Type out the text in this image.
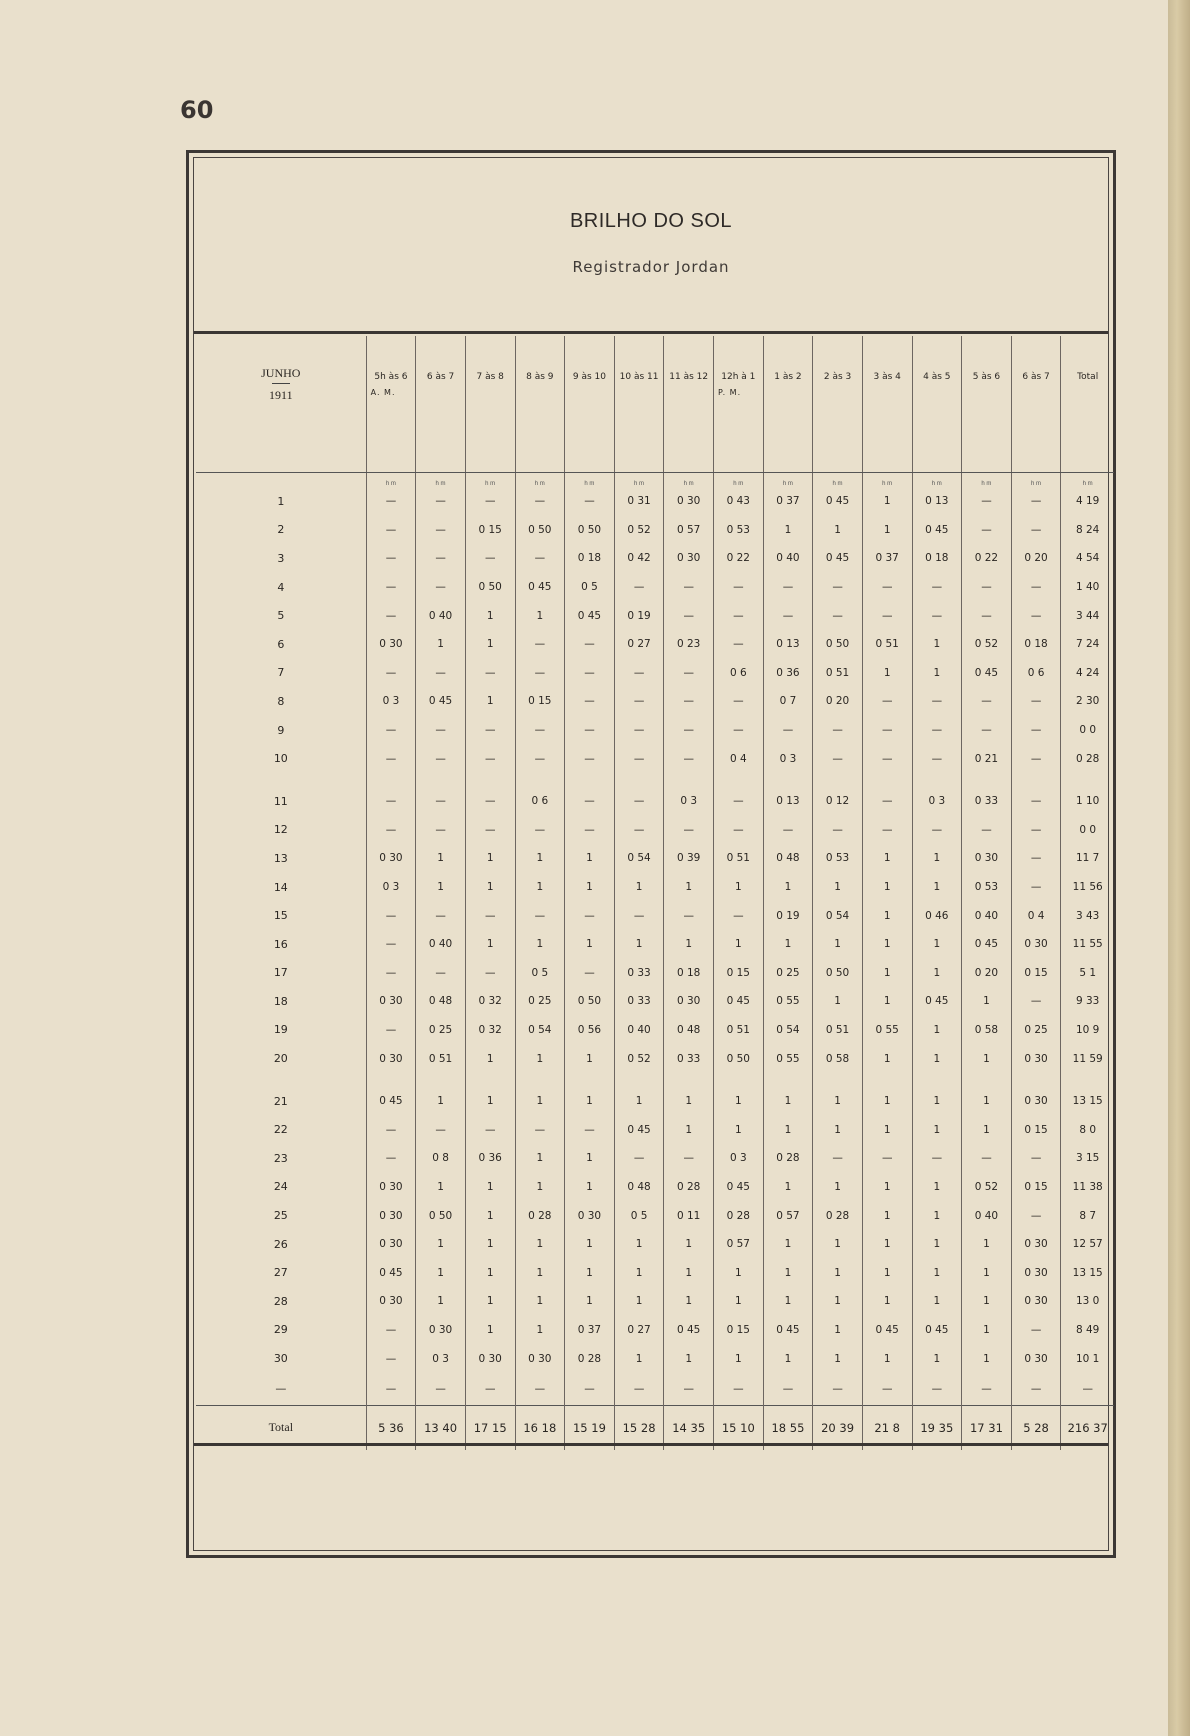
60
BRILHO DO SOL
Registrador Jordan
JUNHO
1911	5h às 6
A. M.	6 às 7	7 às 8	8 às 9	9 às 10	10 às 11	11 às 12	12h à 1
P. M.	1 às 2	2 às 3	3 às 4	4 às 5	5 às 6	6 às 7	Total
	h m	h m	h m	h m	h m	h m	h m	h m	h m	h m	h m	h m	h m	h m	h m
1	—	—	—	—	—	0 31	0 30	0 43	0 37	0 45	1	0 13	—	—	4 19
2	—	—	0 15	0 50	0 50	0 52	0 57	0 53	1	1	1	0 45	—	—	8 24
3	—	—	—	—	0 18	0 42	0 30	0 22	0 40	0 45	0 37	0 18	0 22	0 20	4 54
4	—	—	0 50	0 45	0 5	—	—	—	—	—	—	—	—	—	1 40
5	—	0 40	1	1	0 45	0 19	—	—	—	—	—	—	—	—	3 44
6	0 30	1	1	—	—	0 27	0 23	—	0 13	0 50	0 51	1	0 52	0 18	7 24
7	—	—	—	—	—	—	—	0 6	0 36	0 51	1	1	0 45	0 6	4 24
8	0 3	0 45	1	0 15	—	—	—	—	0 7	0 20	—	—	—	—	2 30
9	—	—	—	—	—	—	—	—	—	—	—	—	—	—	0 0
10	—	—	—	—	—	—	—	0 4	0 3	—	—	—	0 21	—	0 28

11	—	—	—	0 6	—	—	0 3	—	0 13	0 12	—	0 3	0 33	—	1 10
12	—	—	—	—	—	—	—	—	—	—	—	—	—	—	0 0
13	0 30	1	1	1	1	0 54	0 39	0 51	0 48	0 53	1	1	0 30	—	11 7
14	0 3	1	1	1	1	1	1	1	1	1	1	1	0 53	—	11 56
15	—	—	—	—	—	—	—	—	0 19	0 54	1	0 46	0 40	0 4	3 43
16	—	0 40	1	1	1	1	1	1	1	1	1	1	0 45	0 30	11 55
17	—	—	—	0 5	—	0 33	0 18	0 15	0 25	0 50	1	1	0 20	0 15	5 1
18	0 30	0 48	0 32	0 25	0 50	0 33	0 30	0 45	0 55	1	1	0 45	1	—	9 33
19	—	0 25	0 32	0 54	0 56	0 40	0 48	0 51	0 54	0 51	0 55	1	0 58	0 25	10 9
20	0 30	0 51	1	1	1	0 52	0 33	0 50	0 55	0 58	1	1	1	0 30	11 59

21	0 45	1	1	1	1	1	1	1	1	1	1	1	1	0 30	13 15
22	—	—	—	—	—	0 45	1	1	1	1	1	1	1	0 15	8 0
23	—	0 8	0 36	1	1	—	—	0 3	0 28	—	—	—	—	—	3 15
24	0 30	1	1	1	1	0 48	0 28	0 45	1	1	1	1	0 52	0 15	11 38
25	0 30	0 50	1	0 28	0 30	0 5	0 11	0 28	0 57	0 28	1	1	0 40	—	8 7
26	0 30	1	1	1	1	1	1	0 57	1	1	1	1	1	0 30	12 57
27	0 45	1	1	1	1	1	1	1	1	1	1	1	1	0 30	13 15
28	0 30	1	1	1	1	1	1	1	1	1	1	1	1	0 30	13 0
29	—	0 30	1	1	0 37	0 27	0 45	0 15	0 45	1	0 45	0 45	1	—	8 49
30	—	0 3	0 30	0 30	0 28	1	1	1	1	1	1	1	1	0 30	10 1
—	—	—	—	—	—	—	—	—	—	—	—	—	—	—	—
Total	5 36	13 40	17 15	16 18	15 19	15 28	14 35	15 10	18 55	20 39	21 8	19 35	17 31	5 28	216 37
